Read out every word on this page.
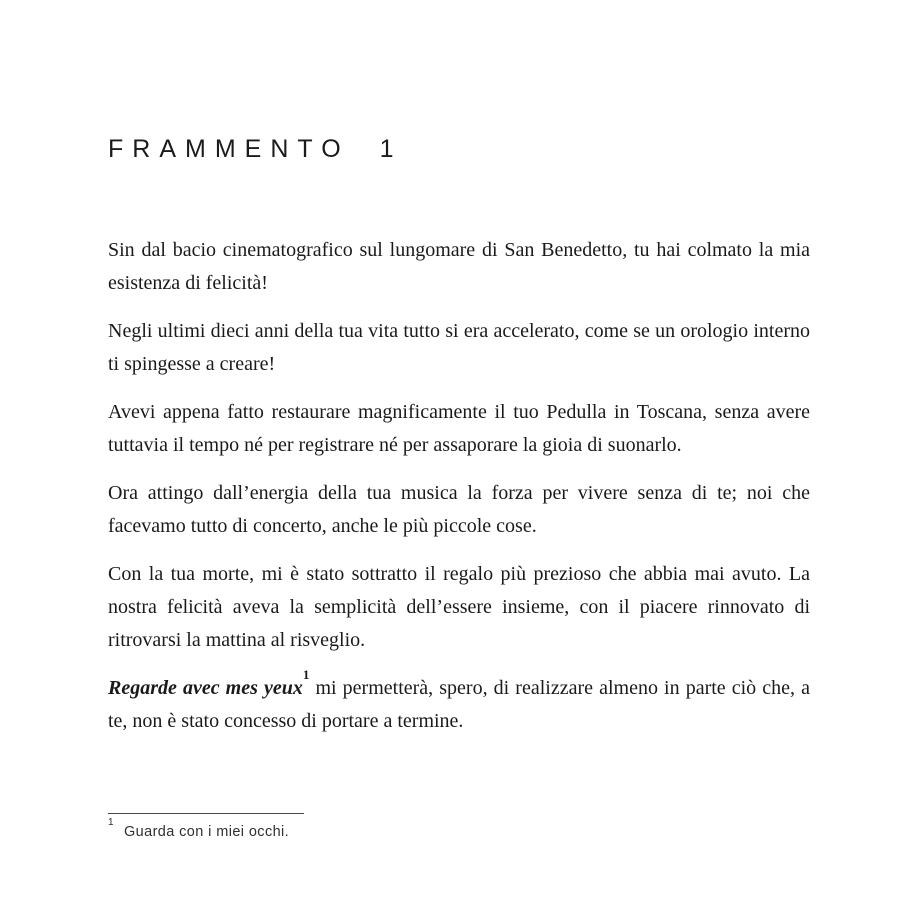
FRAMMENTO 1

Sin dal bacio cinematografico sul lungomare di San Benedetto, tu hai colmato la mia esistenza di felicità!

Negli ultimi dieci anni della tua vita tutto si era accelerato, come se un orologio interno ti spingesse a creare!

Avevi appena fatto restaurare magnificamente il tuo Pedulla in Toscana, senza avere tuttavia il tempo né per registrare né per assaporare la gioia di suonarlo.

Ora attingo dall’energia della tua musica la forza per vivere senza di te; noi che facevamo tutto di concerto, anche le più piccole cose.

Con la tua morte, mi è stato sottratto il regalo più prezioso che abbia mai avuto. La nostra felicità aveva la semplicità dell’essere insieme, con il piacere rinnovato di ritrovarsi la mattina al risveglio.

Regarde avec mes yeux$^1$ mi permetterà, spero, di realizzare almeno in parte ciò che, a te, non è stato concesso di portare a termine.

$^1$Guarda con i miei occhi.
